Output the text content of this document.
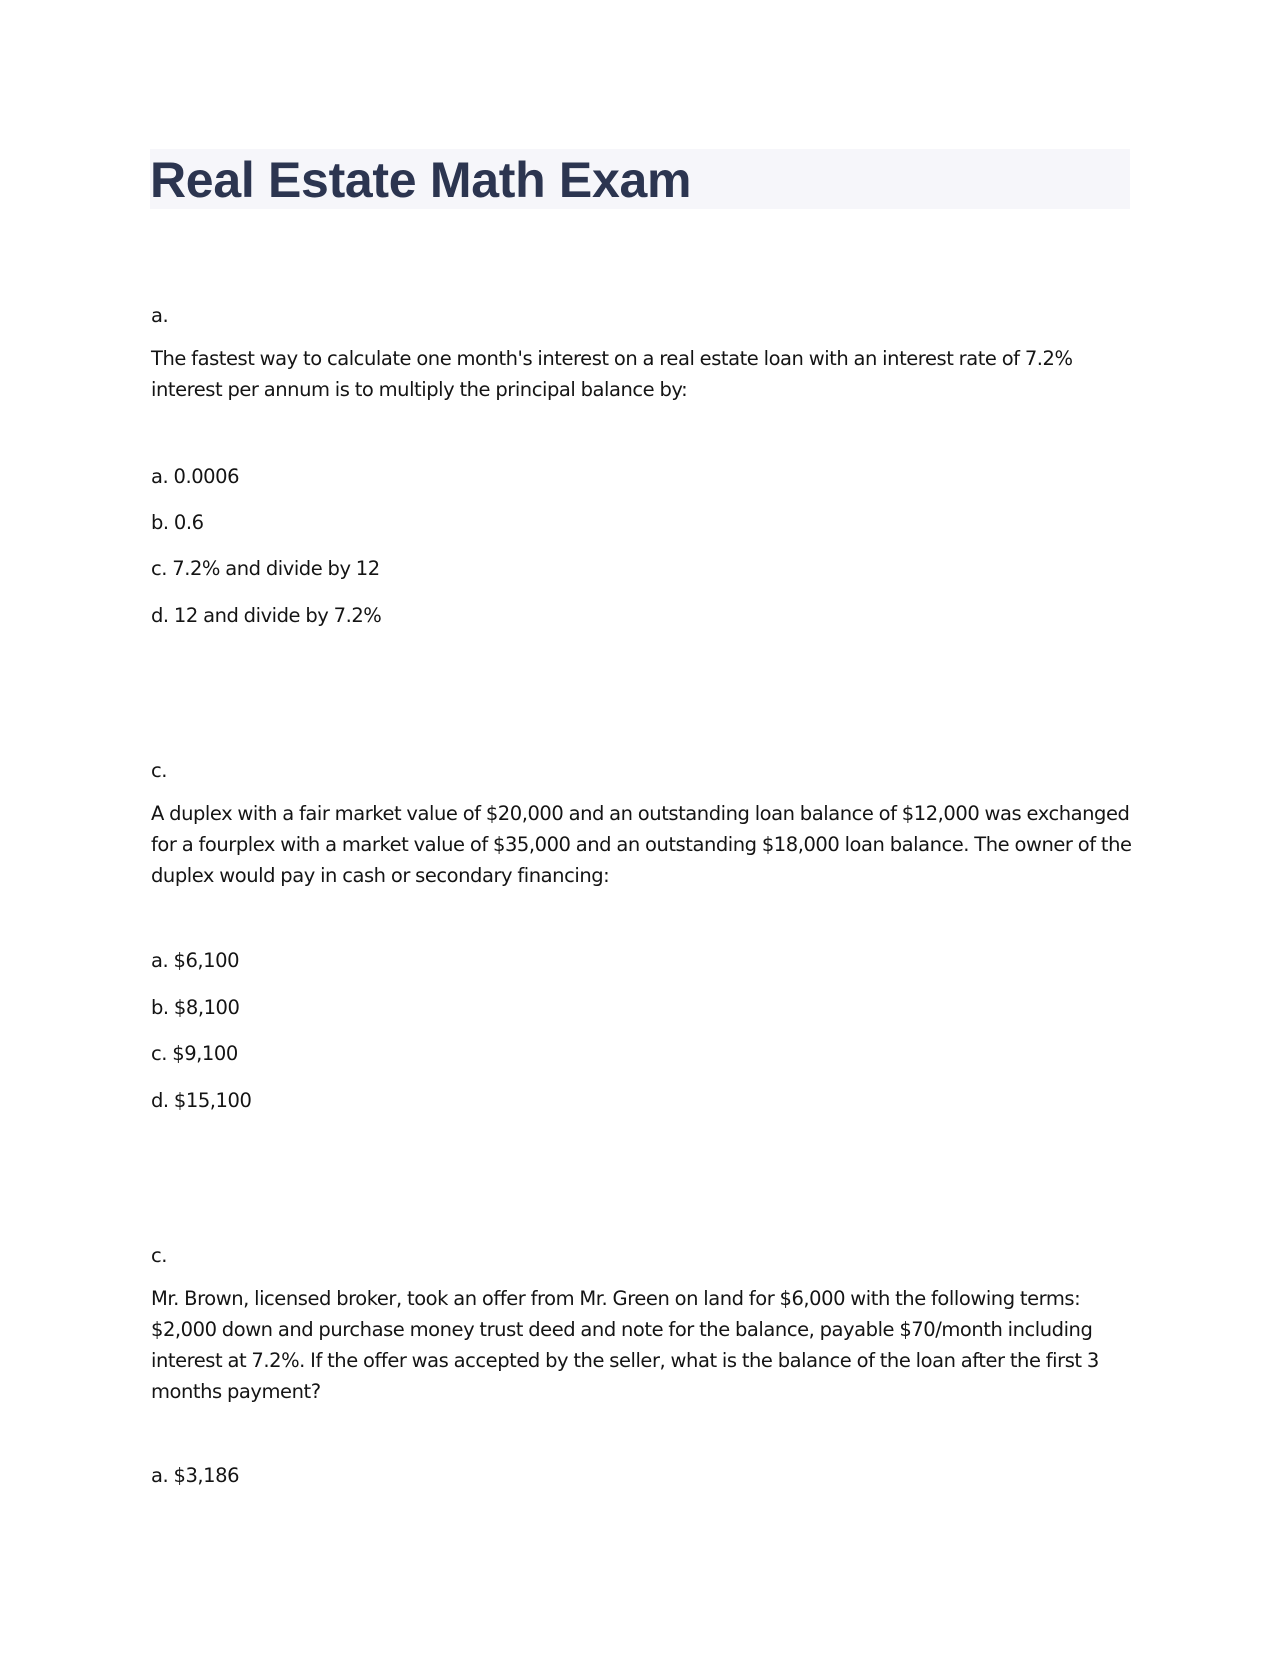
Real Estate Math Exam
a.
The fastest way to calculate one month's interest on a real estate loan with an interest rate of 7.2% interest per annum is to multiply the principal balance by:
a. 0.0006
b. 0.6
c. 7.2% and divide by 12
d. 12 and divide by 7.2%
c.
A duplex with a fair market value of $20,000 and an outstanding loan balance of $12,000 was exchanged for a fourplex with a market value of $35,000 and an outstanding $18,000 loan balance. The owner of the duplex would pay in cash or secondary financing:
a. $6,100
b. $8,100
c. $9,100
d. $15,100
c.
Mr. Brown, licensed broker, took an offer from Mr. Green on land for $6,000 with the following terms: $2,000 down and purchase money trust deed and note for the balance, payable $70/month including interest at 7.2%. If the offer was accepted by the seller, what is the balance of the loan after the first 3 months payment?
a. $3,186
